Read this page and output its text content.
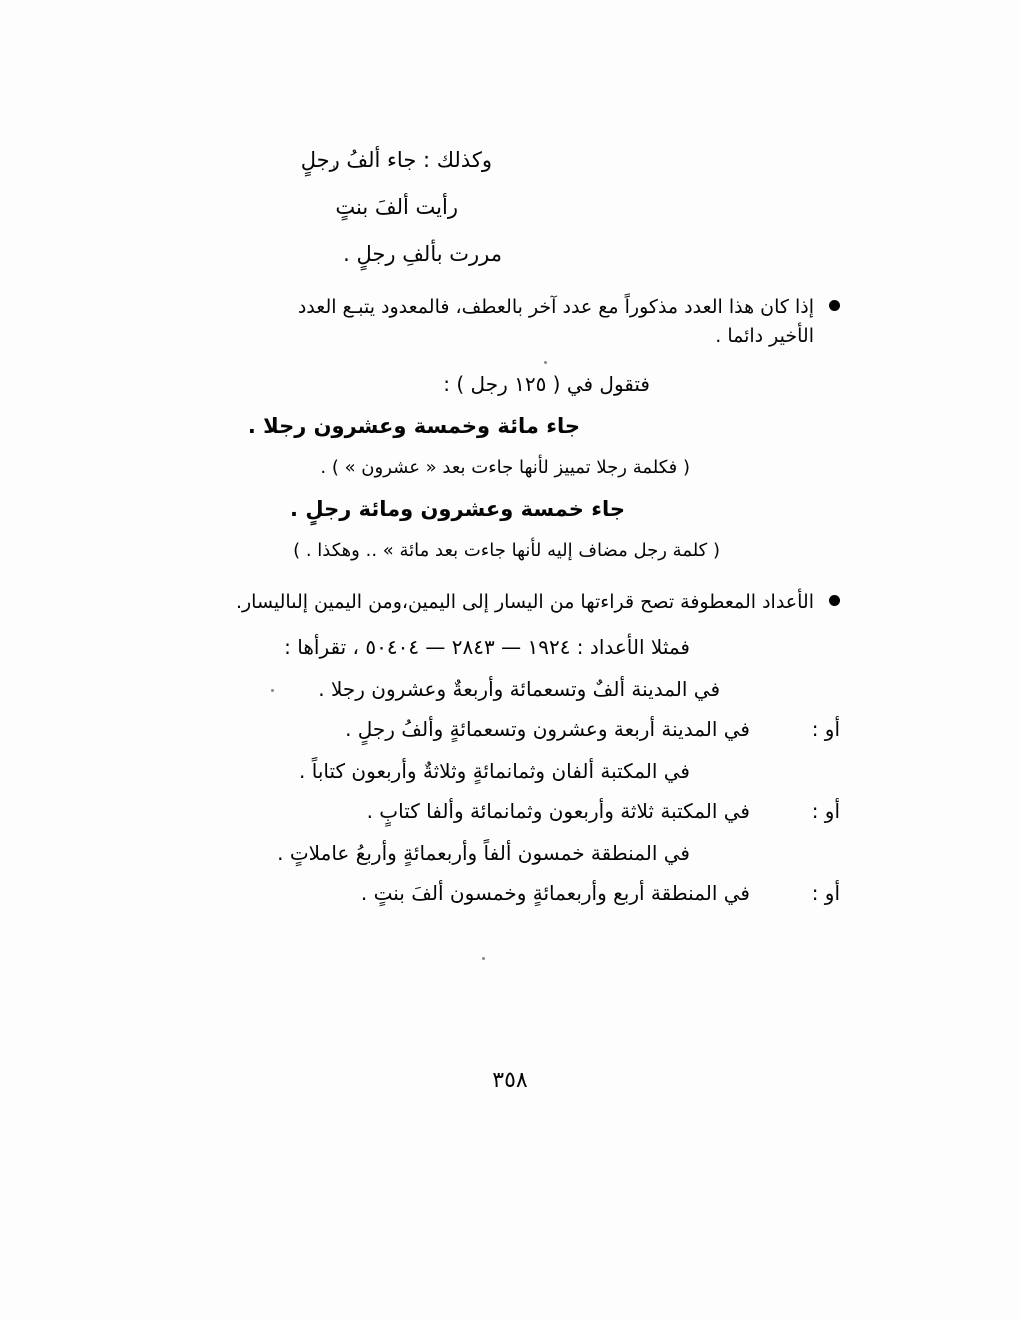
وكذلك : جاء ألفُ رجلٍ
رأيت ألفَ بنتٍ
مررت بألفِ رجلٍ .
إذا كان هذا العدد مذكوراً مع عدد آخر بالعطف، فالمعدود يتبـع العدد
الأخير دائما .
فتقول في ( ١٢٥ رجل ) :
جاء مائة وخمسة وعشرون رجلا .
( فكلمة رجلا تمييز لأنها جاءت بعد « عشرون » ) .
جاء خمسة وعشرون ومائة رجلٍ .
( كلمة رجل مضاف إليه لأنها جاءت بعد مائة » .. وهكذا . )
الأعداد المعطوفة تصح قراءتها من اليسار إلى اليمين،ومن اليمين إلىاليسار.
فمثلا الأعداد : ١٩٢٤ — ٢٨٤٣ — ٥٠٤٠٤ ، تقرأها :
في المدينة ألفٌ وتسعمائة وأربعةٌ وعشرون رجلا .
أو :
في المدينة أربعة وعشرون وتسعمائةٍ وألفُ رجلٍ .
في المكتبة ألفان وثمانمائةٍ وثلاثةٌ وأربعون كتاباً .
أو :
في المكتبة ثلاثة وأربعون وثمانمائة وألفا كتابٍ .
في المنطقة خمسون ألفاً وأربعمائةٍ وأربعُ عاملاتٍ .
أو :
في المنطقة أربع وأربعمائةٍ وخمسون ألفَ بنتٍ .
٣٥٨
